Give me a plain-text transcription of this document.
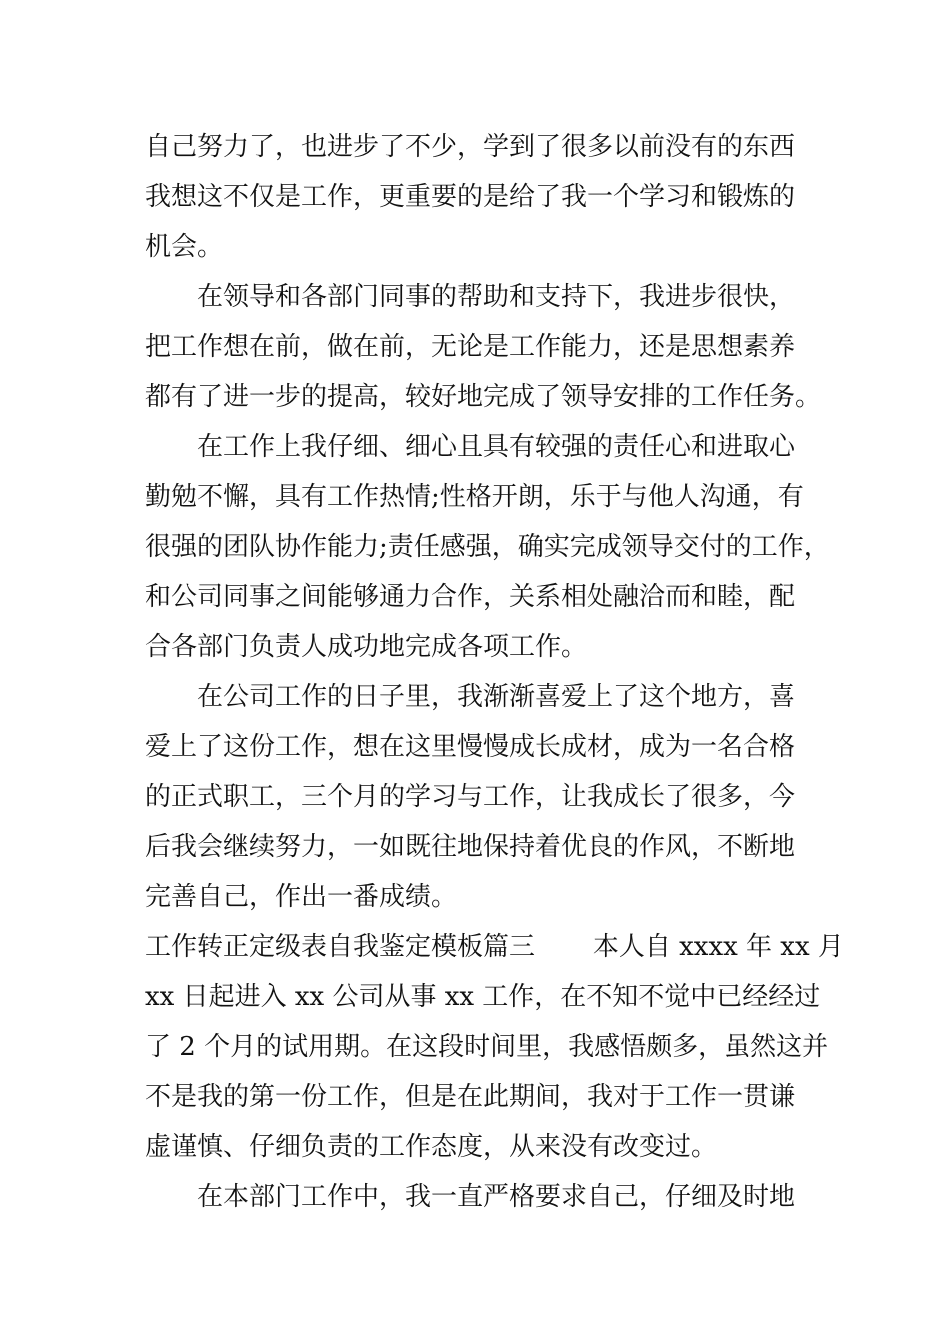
自己努力了，也进步了不少，学到了很多以前没有的东西
我想这不仅是工作，更重要的是给了我一个学习和锻炼的
机会。
在领导和各部门同事的帮助和支持下，我进步很快，
把工作想在前，做在前，无论是工作能力，还是思想素养
都有了进一步的提高，较好地完成了领导安排的工作任务。
在工作上我仔细、细心且具有较强的责任心和进取心
勤勉不懈，具有工作热情;性格开朗，乐于与他人沟通，有
很强的团队协作能力;责任感强，确实完成领导交付的工作，
和公司同事之间能够通力合作，关系相处融洽而和睦，配
合各部门负责人成功地完成各项工作。
在公司工作的日子里，我渐渐喜爱上了这个地方，喜
爱上了这份工作，想在这里慢慢成长成材，成为一名合格
的正式职工，三个月的学习与工作，让我成长了很多，今
后我会继续努力，一如既往地保持着优良的作风，不断地
完善自己，作出一番成绩。
工作转正定级表自我鉴定模板篇三       本人自 xxxx 年 xx 月
xx 日起进入 xx 公司从事 xx 工作，在不知不觉中已经经过
了 2 个月的试用期。在这段时间里，我感悟颇多，虽然这并
不是我的第一份工作，但是在此期间，我对于工作一贯谦
虚谨慎、仔细负责的工作态度，从来没有改变过。
在本部门工作中，我一直严格要求自己，仔细及时地
